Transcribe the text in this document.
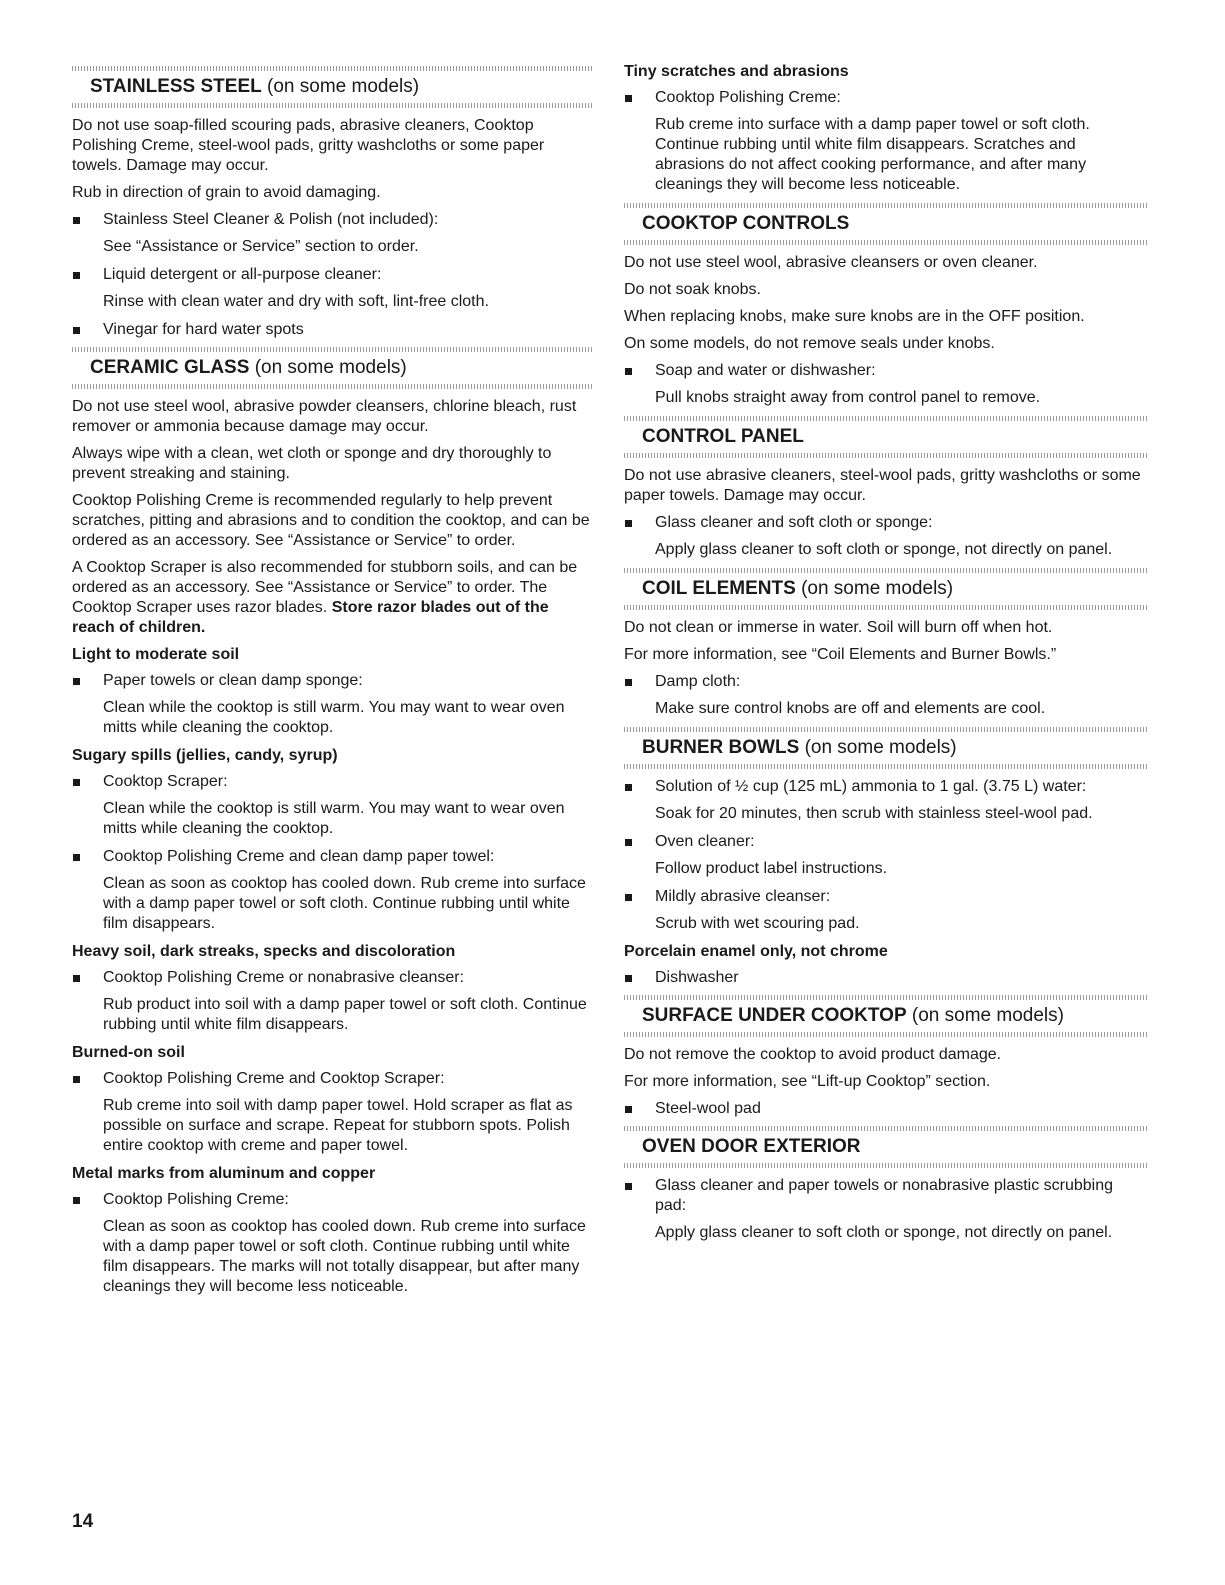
STAINLESS STEEL (on some models)

Do not use soap-filled scouring pads, abrasive cleaners, Cooktop Polishing Creme, steel-wool pads, gritty washcloths or some paper towels. Damage may occur.

Rub in direction of grain to avoid damaging.

Stainless Steel Cleaner & Polish (not included):
See “Assistance or Service” section to order.
Liquid detergent or all-purpose cleaner:
Rinse with clean water and dry with soft, lint-free cloth.
Vinegar for hard water spots
CERAMIC GLASS (on some models)

Do not use steel wool, abrasive powder cleansers, chlorine bleach, rust remover or ammonia because damage may occur.

Always wipe with a clean, wet cloth or sponge and dry thoroughly to prevent streaking and staining.

Cooktop Polishing Creme is recommended regularly to help prevent scratches, pitting and abrasions and to condition the cooktop, and can be ordered as an accessory. See “Assistance or Service” to order.

A Cooktop Scraper is also recommended for stubborn soils, and can be ordered as an accessory. See “Assistance or Service” to order. The Cooktop Scraper uses razor blades. Store razor blades out of the reach of children.

Light to moderate soil
Paper towels or clean damp sponge:
Clean while the cooktop is still warm. You may want to wear oven mitts while cleaning the cooktop.
Sugary spills (jellies, candy, syrup)
Cooktop Scraper:
Clean while the cooktop is still warm. You may want to wear oven mitts while cleaning the cooktop.
Cooktop Polishing Creme and clean damp paper towel:
Clean as soon as cooktop has cooled down. Rub creme into surface with a damp paper towel or soft cloth. Continue rubbing until white film disappears.
Heavy soil, dark streaks, specks and discoloration
Cooktop Polishing Creme or nonabrasive cleanser:
Rub product into soil with a damp paper towel or soft cloth. Continue rubbing until white film disappears.
Burned-on soil
Cooktop Polishing Creme and Cooktop Scraper:
Rub creme into soil with damp paper towel. Hold scraper as flat as possible on surface and scrape. Repeat for stubborn spots. Polish entire cooktop with creme and paper towel.
Metal marks from aluminum and copper
Cooktop Polishing Creme:
Clean as soon as cooktop has cooled down. Rub creme into surface with a damp paper towel or soft cloth. Continue rubbing until white film disappears. The marks will not totally disappear, but after many cleanings they will become less noticeable.
Tiny scratches and abrasions
Cooktop Polishing Creme:
Rub creme into surface with a damp paper towel or soft cloth. Continue rubbing until white film disappears. Scratches and abrasions do not affect cooking performance, and after many cleanings they will become less noticeable.
COOKTOP CONTROLS

Do not use steel wool, abrasive cleansers or oven cleaner.

Do not soak knobs.

When replacing knobs, make sure knobs are in the OFF position.

On some models, do not remove seals under knobs.

Soap and water or dishwasher:
Pull knobs straight away from control panel to remove.
CONTROL PANEL

Do not use abrasive cleaners, steel-wool pads, gritty washcloths or some paper towels. Damage may occur.

Glass cleaner and soft cloth or sponge:
Apply glass cleaner to soft cloth or sponge, not directly on panel.
COIL ELEMENTS (on some models)

Do not clean or immerse in water. Soil will burn off when hot.

For more information, see “Coil Elements and Burner Bowls.”

Damp cloth:
Make sure control knobs are off and elements are cool.
BURNER BOWLS (on some models)
Solution of ½ cup (125 mL) ammonia to 1 gal. (3.75 L) water:
Soak for 20 minutes, then scrub with stainless steel-wool pad.
Oven cleaner:
Follow product label instructions.
Mildly abrasive cleanser:
Scrub with wet scouring pad.
Porcelain enamel only, not chrome
Dishwasher
SURFACE UNDER COOKTOP (on some models)

Do not remove the cooktop to avoid product damage.

For more information, see “Lift-up Cooktop” section.

Steel-wool pad
OVEN DOOR EXTERIOR
Glass cleaner and paper towels or nonabrasive plastic scrubbing pad:
Apply glass cleaner to soft cloth or sponge, not directly on panel.
14
